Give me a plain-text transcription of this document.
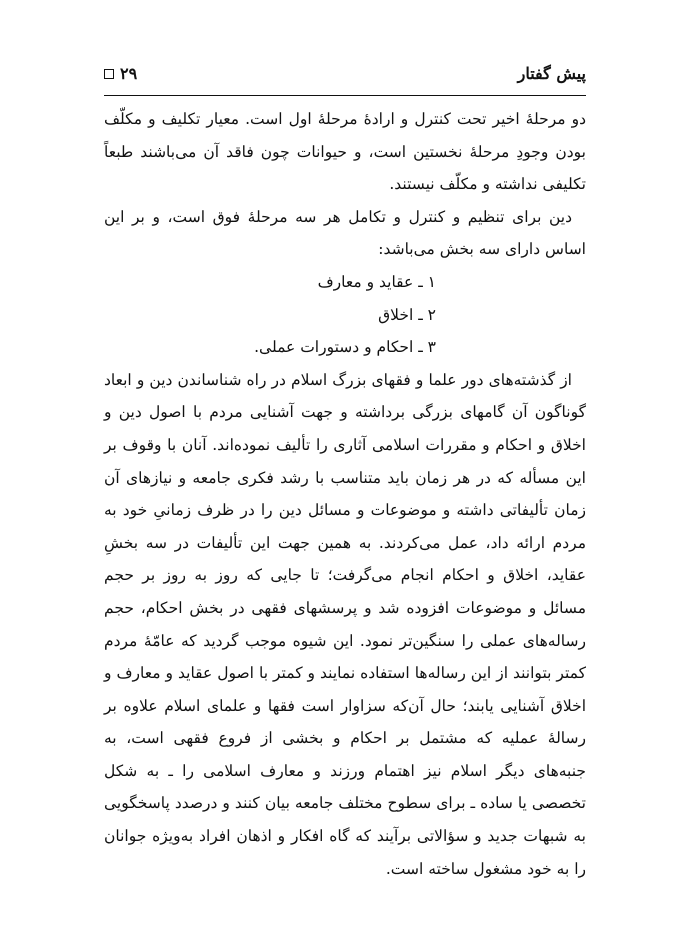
پیش گفتار
۲۹

دو مرحلۀ اخیر تحت کنترل و ارادۀ مرحلۀ اول است. معیار تکلیف و مکلّف بودن وجودِ مرحلۀ نخستین است، و حیوانات چون فاقد آن می‌باشند طبعاً تکلیفی نداشته و مکلّف نیستند.

دین برای تنظیم و کنترل و تکامل هر سه مرحلۀ فوق است، و بر این اساس دارای سه بخش می‌باشد:

۱ ـ عقاید و معارف

۲ ـ اخلاق

۳ ـ احکام و دستورات عملی.

از گذشته‌های دور علما و فقهای بزرگ اسلام در راه شناساندن دین و ابعاد گوناگون آن گامهای بزرگی برداشته و جهت آشنایی مردم با اصول دین و اخلاق و احکام و مقررات اسلامی آثاری را تألیف نموده‌اند. آنان با وقوف بر این مسأله که در هر زمان باید متناسب با رشد فکری جامعه و نیازهای آن زمان تألیفاتی داشته و موضوعات و مسائل دین را در ظرف زمانیِ خود به مردم ارائه داد، عمل می‌کردند. به همین جهت این تألیفات در سه بخشِ عقاید، اخلاق و احکام انجام می‌گرفت؛ تا جایی که روز به روز بر حجم مسائل و موضوعات افزوده شد و پرسشهای فقهی در بخش احکام، حجم رساله‌های عملی را سنگین‌تر نمود. این شیوه موجب گردید که عامّۀ مردم کمتر بتوانند از این رساله‌ها استفاده نمایند و کمتر با اصول عقاید و معارف و اخلاق آشنایی یابند؛ حال آن‌که سزاوار است فقها و علمای اسلام علاوه بر رسالۀ عملیه که مشتمل بر احکام و بخشی از فروع فقهی است، به جنبه‌های دیگر اسلام نیز اهتمام ورزند و معارف اسلامی را ـ به شکل تخصصی یا ساده ـ برای سطوح مختلف جامعه بیان کنند و درصدد پاسخگویی به شبهات جدید و سؤالاتی برآیند که گاه افکار و اذهان افراد به‌ویژه جوانان را به خود مشغول ساخته است.
